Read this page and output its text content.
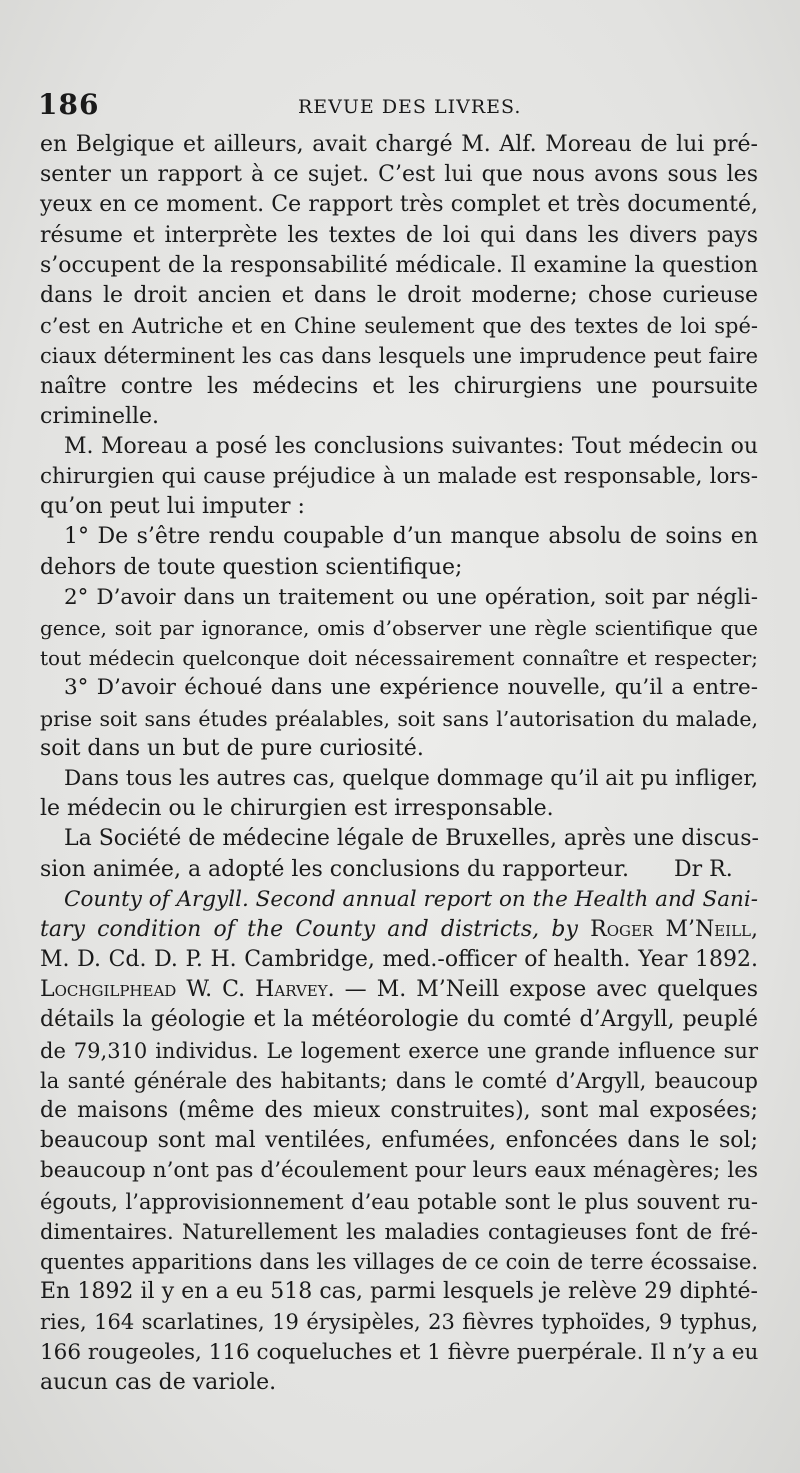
186	REVUE DES LIVRES.
en Belgique et ailleurs, avait chargé M. Alf. Moreau de lui pré-
senter un rapport à ce sujet. C’est lui que nous avons sous les
yeux en ce moment. Ce rapport très complet et très documenté,
résume et interprète les textes de loi qui dans les divers pays
s’occupent de la responsabilité médicale. Il examine la question
dans le droit ancien et dans le droit moderne; chose curieuse
c’est en Autriche et en Chine seulement que des textes de loi spé-
ciaux déterminent les cas dans lesquels une imprudence peut faire
naître contre les médecins et les chirurgiens une poursuite
criminelle.
M. Moreau a posé les conclusions suivantes: Tout médecin ou
chirurgien qui cause préjudice à un malade est responsable, lors-
qu’on peut lui imputer :
1° De s’être rendu coupable d’un manque absolu de soins en
dehors de toute question scientifique;
2° D’avoir dans un traitement ou une opération, soit par négli-
gence, soit par ignorance, omis d’observer une règle scientifique que
tout médecin quelconque doit nécessairement connaître et respecter;
3° D’avoir échoué dans une expérience nouvelle, qu’il a entre-
prise soit sans études préalables, soit sans l’autorisation du malade,
soit dans un but de pure curiosité.
Dans tous les autres cas, quelque dommage qu’il ait pu infliger,
le médecin ou le chirurgien est irresponsable.
La Société de médecine légale de Bruxelles, après une discus-
sion animée, a adopté les conclusions du rapporteur. Dr R.
County of Argyll. Second annual report on the Health and Sani-
tary condition of the County and districts, by Roger M’Neill,
M. D. Cd. D. P. H. Cambridge, med.-officer of health. Year 1892.
Lochgilphead W. C. Harvey. — M. M’Neill expose avec quelques
détails la géologie et la météorologie du comté d’Argyll, peuplé
de 79,310 individus. Le logement exerce une grande influence sur
la santé générale des habitants; dans le comté d’Argyll, beaucoup
de maisons (même des mieux construites), sont mal exposées;
beaucoup sont mal ventilées, enfumées, enfoncées dans le sol;
beaucoup n’ont pas d’écoulement pour leurs eaux ménagères; les
égouts, l’approvisionnement d’eau potable sont le plus souvent ru-
dimentaires. Naturellement les maladies contagieuses font de fré-
quentes apparitions dans les villages de ce coin de terre écossaise.
En 1892 il y en a eu 518 cas, parmi lesquels je relève 29 diphté-
ries, 164 scarlatines, 19 érysipèles, 23 fièvres typhoïdes, 9 typhus,
166 rougeoles, 116 coqueluches et 1 fièvre puerpérale. Il n’y a eu
aucun cas de variole.
